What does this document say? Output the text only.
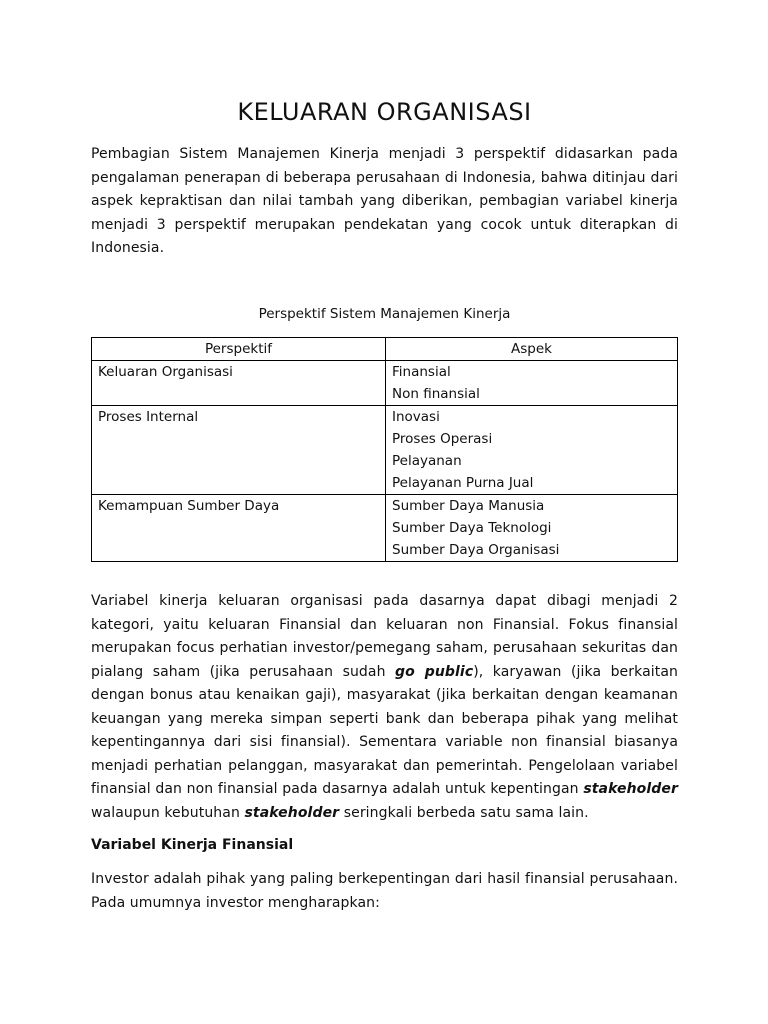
KELUARAN ORGANISASI

Pembagian Sistem Manajemen Kinerja menjadi 3 perspektif didasarkan pada pengalaman penerapan di beberapa perusahaan di Indonesia, bahwa ditinjau dari aspek kepraktisan dan nilai tambah yang diberikan, pembagian variabel kinerja menjadi 3 perspektif merupakan pendekatan yang cocok untuk diterapkan di Indonesia.

Perspektif Sistem Manajemen Kinerja
Perspektif	Aspek
Keluaran Organisasi	Finansial
Non finansial

Proses Internal	Inovasi
Proses Operasi
Pelayanan
Pelayanan Purna Jual

Kemampuan Sumber Daya	Sumber Daya Manusia
Sumber Daya Teknologi
Sumber Daya Organisasi

Variabel kinerja keluaran organisasi pada dasarnya dapat dibagi menjadi 2 kategori, yaitu keluaran Finansial dan keluaran non Finansial. Fokus finansial merupakan focus perhatian investor/pemegang saham, perusahaan sekuritas dan pialang saham (jika perusahaan sudah go public), karyawan (jika berkaitan dengan bonus atau kenaikan gaji), masyarakat (jika berkaitan dengan keamanan keuangan yang mereka simpan seperti bank dan beberapa pihak yang melihat kepentingannya dari sisi finansial). Sementara variable non finansial biasanya menjadi perhatian pelanggan, masyarakat dan pemerintah. Pengelolaan variabel finansial dan non finansial pada dasarnya adalah untuk kepentingan stakeholder walaupun kebutuhan stakeholder seringkali berbeda satu sama lain.

Variabel Kinerja Finansial

Investor adalah pihak yang paling berkepentingan dari hasil finansial perusahaan. Pada umumnya investor mengharapkan:
